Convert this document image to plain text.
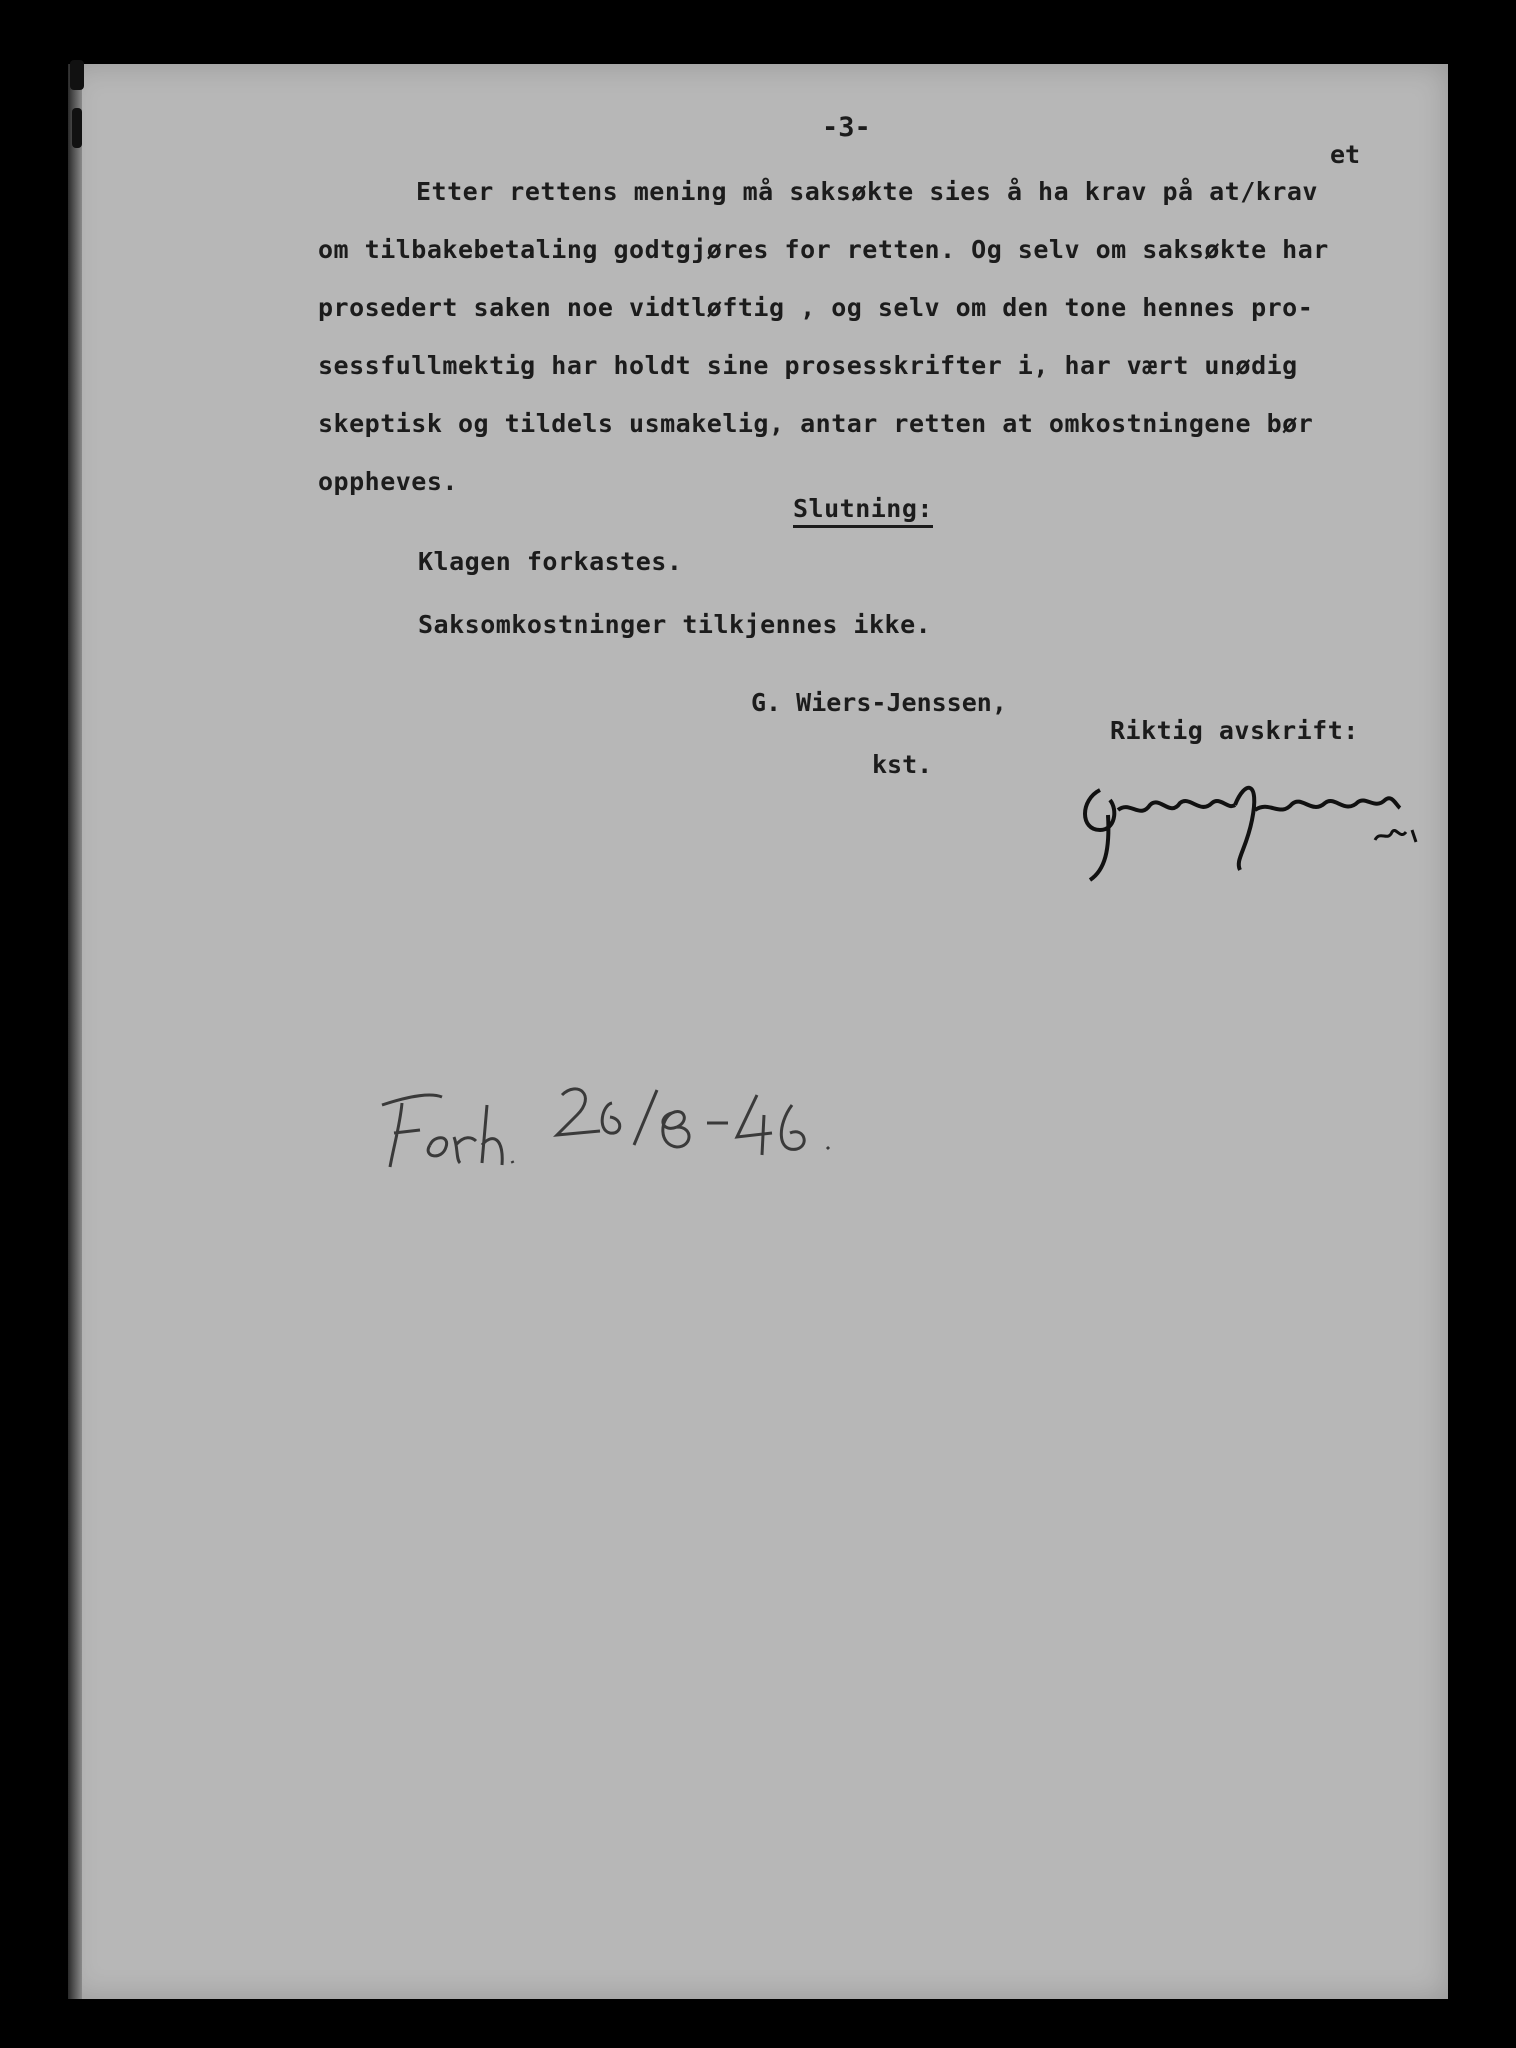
-3-
et
Etter rettens mening må saksøkte sies å ha krav på at/krav
om tilbakebetaling godtgjøres for retten. Og selv om saksøkte har
prosedert saken noe vidtløftig , og selv om den tone hennes pro-
sessfullmektig har holdt sine prosesskrifter i, har vært unødig
skeptisk og tildels usmakelig, antar retten at omkostningene bør
oppheves.
Slutning:
Klagen forkastes.
Saksomkostninger tilkjennes ikke.
G. Wiers-Jenssen,
kst.
Riktig avskrift:
